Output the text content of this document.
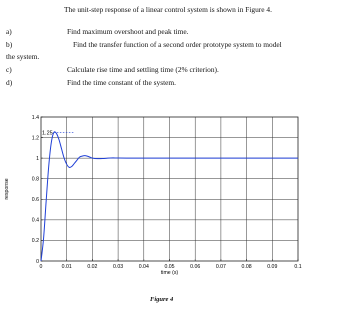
The unit-step response of a linear control system is shown in Figure 4.
a)	Find maximum overshoot and peak time.
b)	Find the transfer function of a second order prototype system to model
the system.
c)	Calculate rise time and settling time (2% criterion).
d)	Find the time constant of the system.
0	0.01	0.02	0.03	0.04	0.05	0.06	0.07	0.08	0.09	0.1
0
0.2
0.4
0.6
0.8
1
1.2
1.4
1.25
time (s)
response
Figure 4
